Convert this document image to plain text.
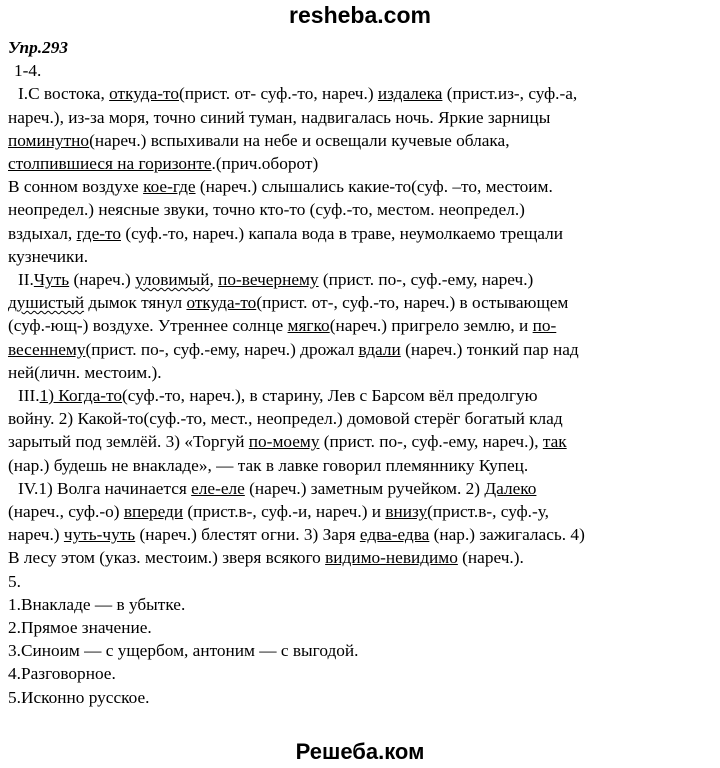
resheba.com

Упр.293

1-4.

I.С востока, откуда-то(прист. от- суф.-то, нареч.) издалека (прист.из-, суф.-а,

нареч.), из-за моря, точно синий туман, надвигалась ночь. Яркие зарницы

поминутно(нареч.) вспыхивали на небе и освещали кучевые облака,

столпившиеся на горизонте.(прич.оборот)

В сонном воздухе кое-где (нареч.) слышались какие-то(суф. –то, местоим.

неопредел.) неясные звуки, точно кто-то (суф.-то, местом. неопредел.)

вздыхал, где-то (суф.-то, нареч.) капала вода в траве, неумолкаемо трещали

кузнечики.

II.Чуть (нареч.) уловимый, по-вечернему (прист. по-, суф.-ему, нареч.)

душистый дымок тянул откуда-то(прист. от-, суф.-то, нареч.) в остывающем

(суф.-ющ-) воздухе. Утреннее солнце мягко(нареч.) пригрело землю, и по-

весеннему(прист. по-, суф.-ему, нареч.) дрожал вдали (нареч.) тонкий пар над

ней(личн. местоим.).

III.1) Когда-то(суф.-то, нареч.), в старину, Лев с Барсом вёл предолгую

войну. 2) Какой-то(суф.-то, мест., неопредел.) домовой стерёг богатый клад

зарытый под землёй. 3) «Торгуй по-моему (прист. по-, суф.-ему, нареч.), так

(нар.) будешь не внакладе», — так в лавке говорил племяннику Купец.

IV.1) Волга начинается еле-еле (нареч.) заметным ручейком. 2) Далеко

(нареч., суф.-о) впереди (прист.в-, суф.-и, нареч.) и внизу(прист.в-, суф.-у,

нареч.) чуть-чуть (нареч.) блестят огни. 3) Заря едва-едва (нар.) зажигалась. 4)

В лесу этом (указ. местоим.) зверя всякого видимо-невидимо (нареч.).

5.

1.Внакладе — в убытке.

2.Прямое значение.

3.Синоим — с ущербом, антоним — с выгодой.

4.Разговорное.

5.Исконно русское.

Решеба.ком
